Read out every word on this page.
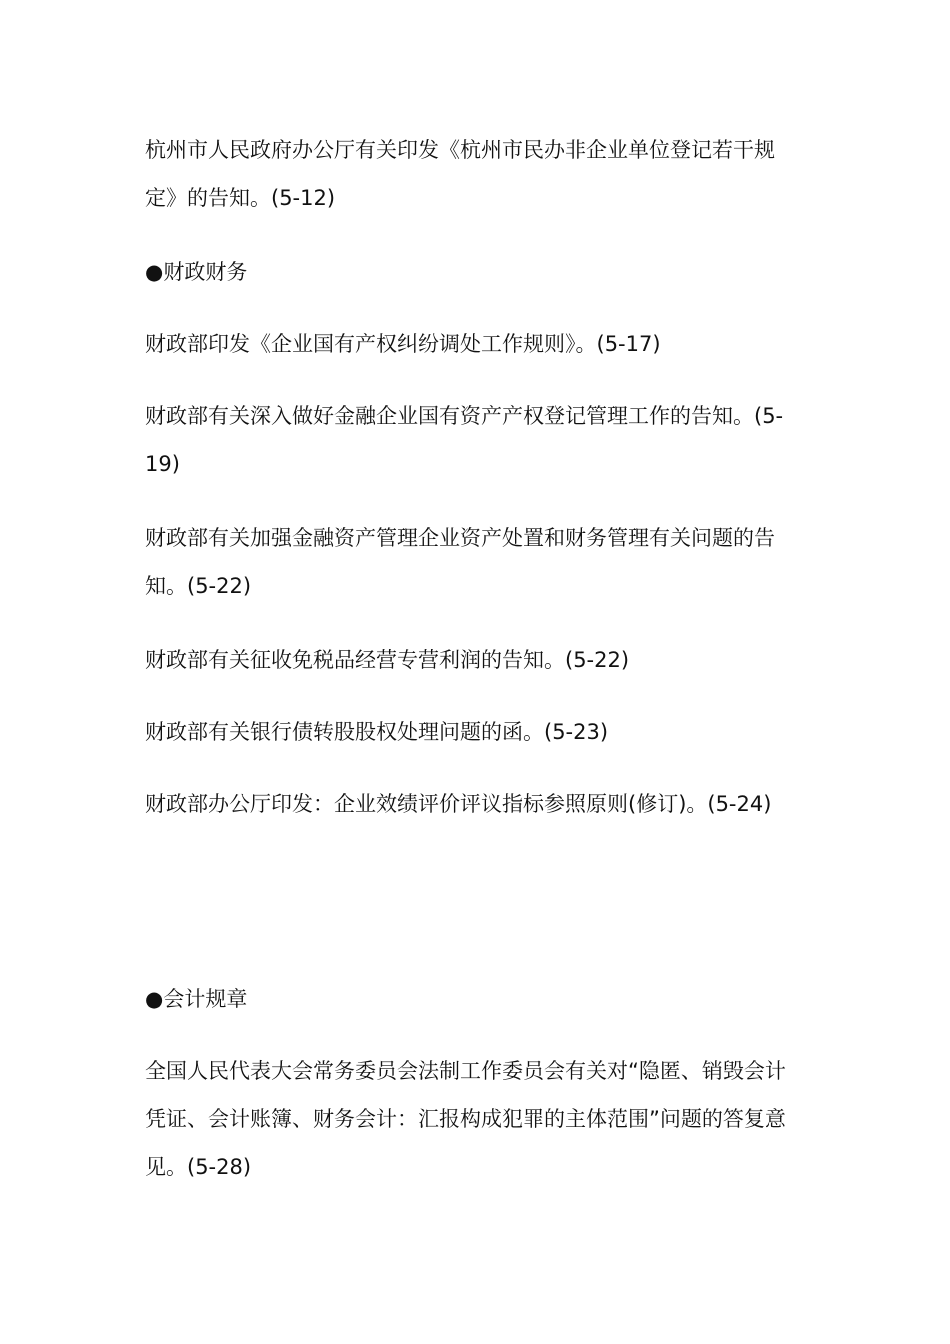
杭州市人民政府办公厅有关印发《杭州市民办非企业单位登记若干规定》的告知。(5-12)

●财政财务

财政部印发《企业国有产权纠纷调处工作规则》。(5-17)

财政部有关深入做好金融企业国有资产产权登记管理工作的告知。(5-19)

财政部有关加强金融资产管理企业资产处置和财务管理有关问题的告知。(5-22)

财政部有关征收免税品经营专营利润的告知。(5-22)

财政部有关银行债转股股权处理问题的函。(5-23)

财政部办公厅印发：企业效绩评价评议指标参照原则(修订)。(5-24)

●会计规章

全国人民代表大会常务委员会法制工作委员会有关对“隐匿、销毁会计凭证、会计账簿、财务会计：汇报构成犯罪的主体范围”问题的答复意见。(5-28)
